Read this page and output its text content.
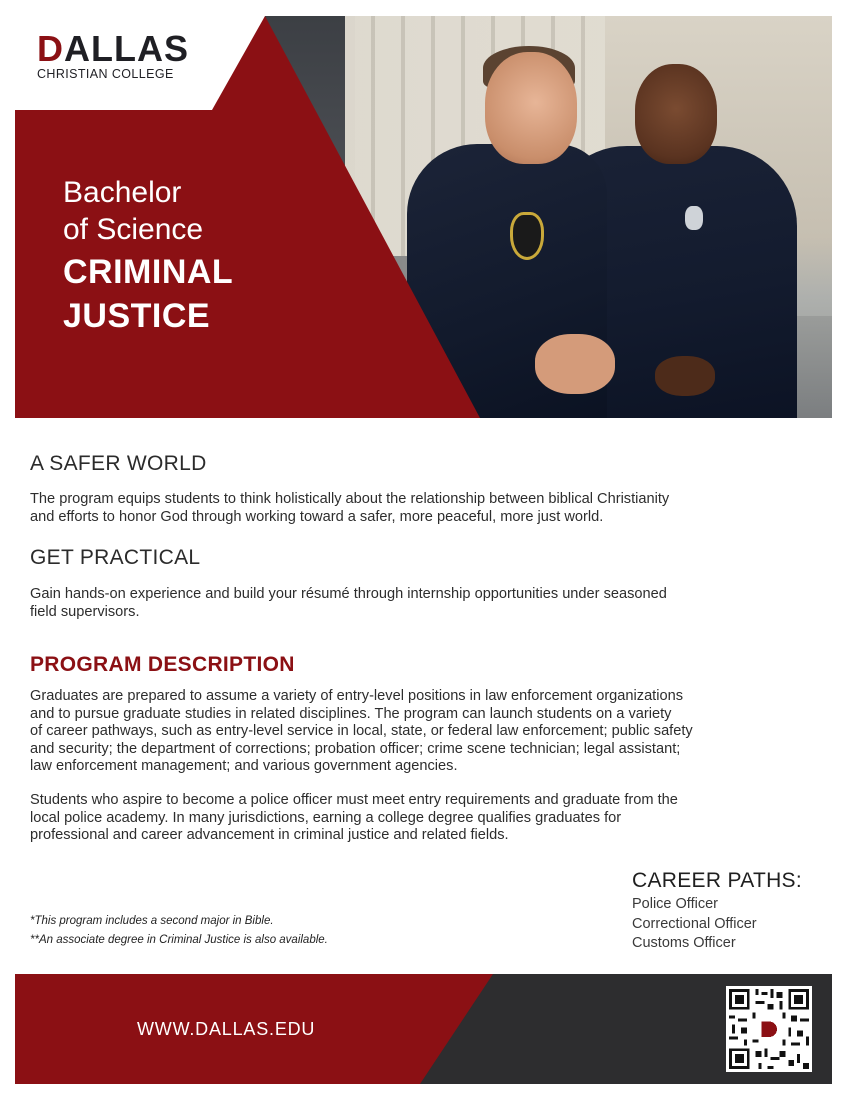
DALLAS
CHRISTIAN COLLEGE
Bachelor
of Science
CRIMINAL
JUSTICE
A SAFER WORLD
The program equips students to think holistically about the relationship between biblical Christianity
and efforts to honor God through working toward a safer, more peaceful, more just world.
GET PRACTICAL
Gain hands-on experience and build your résumé through internship opportunities under seasoned
field supervisors.
PROGRAM DESCRIPTION
Graduates are prepared to assume a variety of entry-level positions in law enforcement organizations
and to pursue graduate studies in related disciplines. The program can launch students on a variety
of career pathways, such as entry-level service in local, state, or federal law enforcement; public safety
and security; the department of corrections; probation officer; crime scene technician; legal assistant;
law enforcement management; and various government agencies.
Students who aspire to become a police officer must meet entry requirements and graduate from the
local police academy. In many jurisdictions, earning a college degree qualifies graduates for
professional and career advancement in criminal justice and related fields.
*This program includes a second major in Bible.
**An associate degree in Criminal Justice is also available.
CAREER PATHS:
Police Officer
Correctional Officer
Customs Officer
WWW.DALLAS.EDU
